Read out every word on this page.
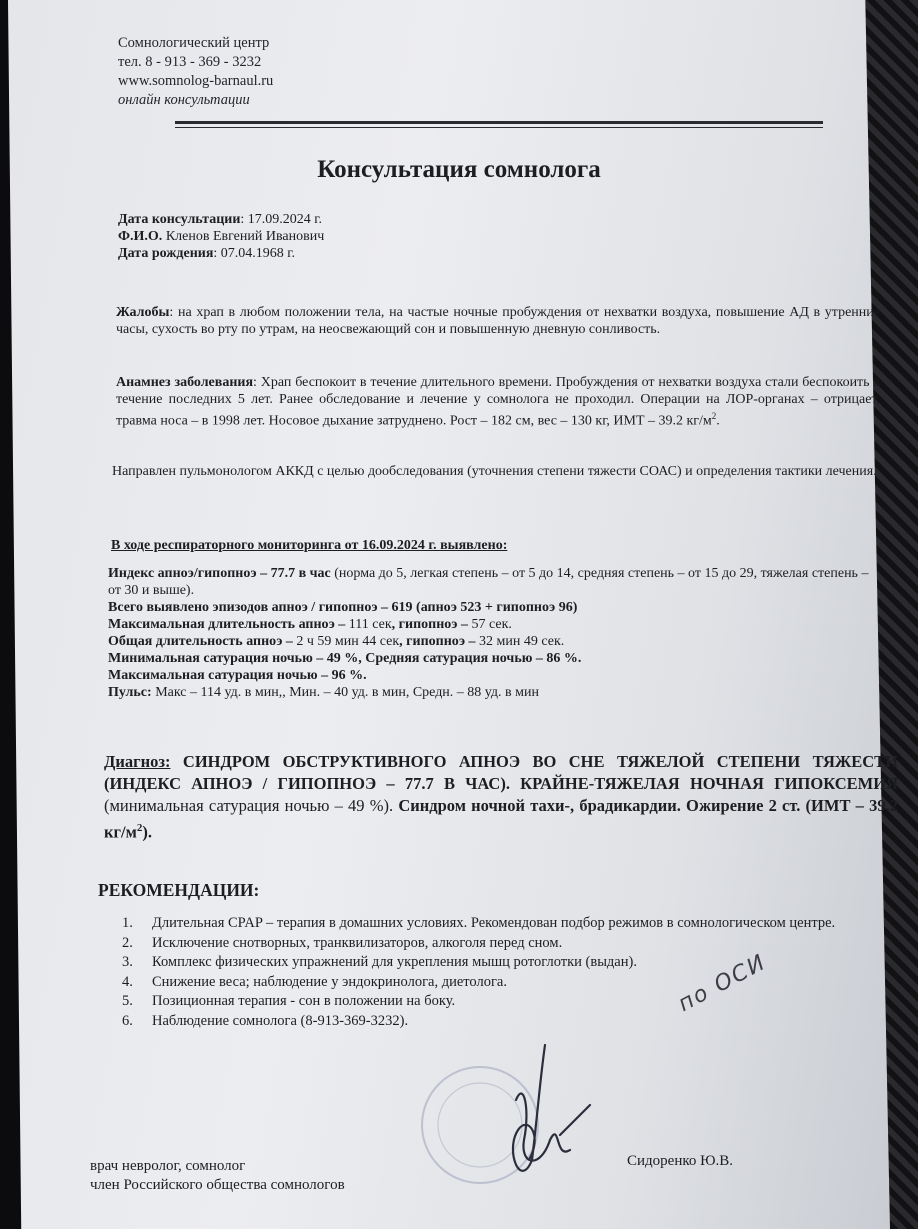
Сомнологический центр
тел. 8 - 913 - 369 - 3232
www.somnolog-barnaul.ru
онлайн консультации
Консультация сомнолога
Дата консультации: 17.09.2024 г.
Ф.И.О. Кленов Евгений Иванович
Дата рождения: 07.04.1968 г.
Жалобы: на храп в любом положении тела, на частые ночные пробуждения от нехватки воздуха, повышение АД в утренние часы, сухость во рту по утрам, на неосвежающий сон и повышенную дневную сонливость.
Анамнез заболевания: Храп беспокоит в течение длительного времени. Пробуждения от нехватки воздуха стали беспокоить в течение последних 5 лет. Ранее обследование и лечение у сомнолога не проходил. Операции на ЛОР-органах – отрицает, травма носа – в 1998 лет. Носовое дыхание затруднено. Рост – 182 см, вес – 130 кг, ИМТ – 39.2 $кг/м^2$.
Направлен пульмонологом АККД с целью дообследования (уточнения степени тяжести СОАС) и определения тактики лечения.
В ходе респираторного мониторинга от 16.09.2024 г. выявлено:
Индекс апноэ/гипопноэ – 77.7 в час (норма до 5, легкая степень – от 5 до 14, средняя степень – от 15 до 29, тяжелая степень – от 30 и выше).
Всего выявлено эпизодов апноэ / гипопноэ – 619 (апноэ 523 + гипопноэ 96)
Максимальная длительность апноэ – 111 сек, гипопноэ – 57 сек.
Общая длительность апноэ – 2 ч 59 мин 44 сек, гипопноэ – 32 мин 49 сек.
Минимальная сатурация ночью – 49 %, Средняя сатурация ночью – 86 %.
Максимальная сатурация ночью – 96 %.
Пульс: Макс – 114 уд. в мин,, Мин. – 40 уд. в мин, Средн. – 88 уд. в мин
Диагноз: СИНДРОМ ОБСТРУКТИВНОГО АПНОЭ ВО СНЕ ТЯЖЕЛОЙ СТЕПЕНИ ТЯЖЕСТИ (ИНДЕКС АПНОЭ / ГИПОПНОЭ – 77.7 В ЧАС). КРАЙНЕ-ТЯЖЕЛАЯ НОЧНАЯ ГИПОКСЕМИЯ (минимальная сатурация ночью – 49 %). Синдром ночной тахи-, брадикардии. Ожирение 2 ст. (ИМТ – 39.2 $кг/м^2$).
РЕКОМЕНДАЦИИ:
1. Длительная CPAP – терапия в домашних условиях. Рекомендован подбор режимов в сомнологическом центре.
2. Исключение снотворных, транквилизаторов, алкоголя перед сном.
3. Комплекс физических упражнений для укрепления мышц ротоглотки (выдан).
4. Снижение веса; наблюдение у эндокринолога, диетолога.
5. Позиционная терапия - сон в положении на боку.
6. Наблюдение сомнолога (8-913-369-3232).
по ОСИ
врач невролог, сомнолог
член Российского общества сомнологов
Сидоренко Ю.В.
